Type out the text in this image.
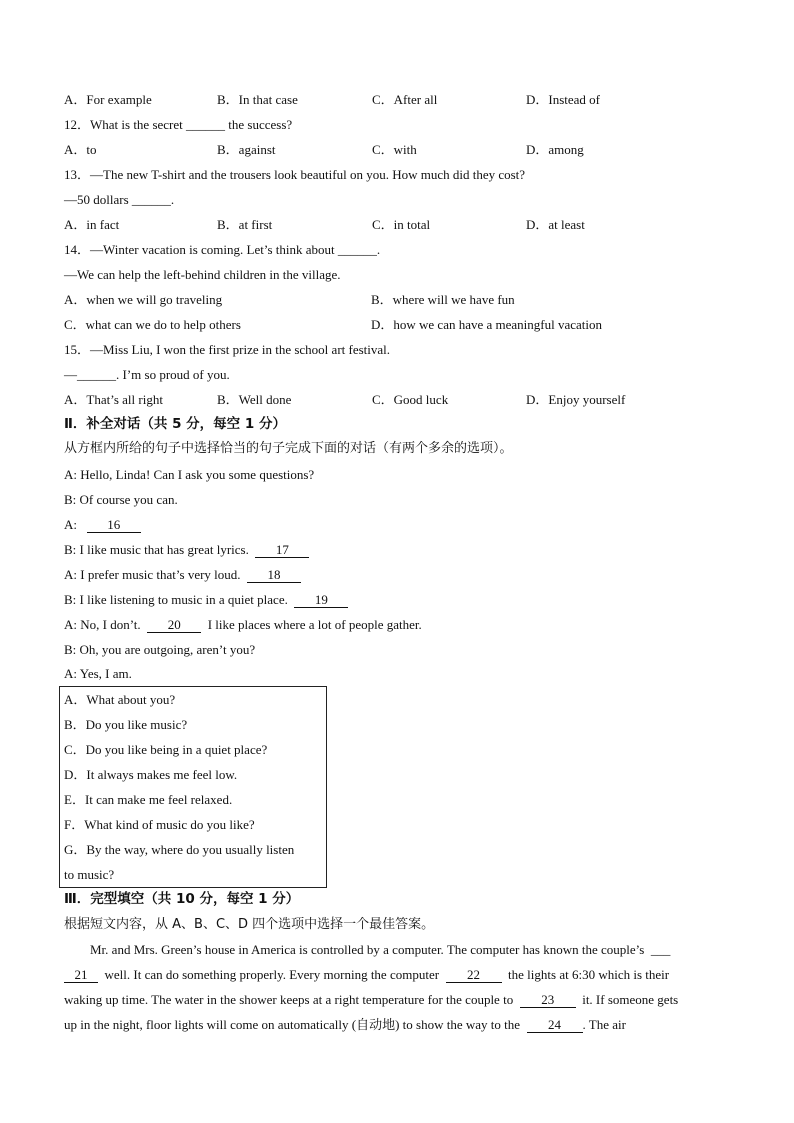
A．For example	B．In that case	C．After all	D．Instead of
12．What is the secret ______ the success?
A．to	B．against	C．with	D．among
13．—The new T-shirt and the trousers look beautiful on you. How much did they cost?
—50 dollars ______.
A．in fact	B．at first	C．in total	D．at least
14．—Winter vacation is coming. Let’s think about ______.
—We can help the left-behind children in the village.
A．when we will go traveling	B．where will we have fun
C．what can we do to help others	D．how we can have a meaningful vacation
15．—Miss Liu, I won the first prize in the school art festival.
—______. I’m so proud of you.
A．That’s all right	B．Well done	C．Good luck	D．Enjoy yourself
Ⅱ．补全对话（共 5 分，每空 1 分）
从方框内所给的句子中选择恰当的句子完成下面的对话（有两个多余的选项）。
A: Hello, Linda! Can I ask you some questions?
B: Of course you can.
A: 16
B: I like music that has great lyrics. 17
A: I prefer music that’s very loud. 18
B: I like listening to music in a quiet place. 19
A: No, I don’t. 20 I like places where a lot of people gather.
B: Oh, you are outgoing, aren’t you?
A: Yes, I am.
A．What about you?
B．Do you like music?
C．Do you like being in a quiet place?
D．It always makes me feel low.
E．It can make me feel relaxed.
F．What kind of music do you like?
G．By the way, where do you usually listen
to music?
Ⅲ．完型填空（共 10 分，每空 1 分）
根据短文内容，从 A、B、C、D 四个选项中选择一个最佳答案。
Mr. and Mrs. Green’s house in America is controlled by a computer. The computer has known the couple’s ___
21 well. It can do something properly. Every morning the computer 22 the lights at 6:30 which is their
waking up time. The water in the shower keeps at a right temperature for the couple to 23 it. If someone gets
up in the night, floor lights will come on automatically (自动地) to show the way to the 24 . The air
